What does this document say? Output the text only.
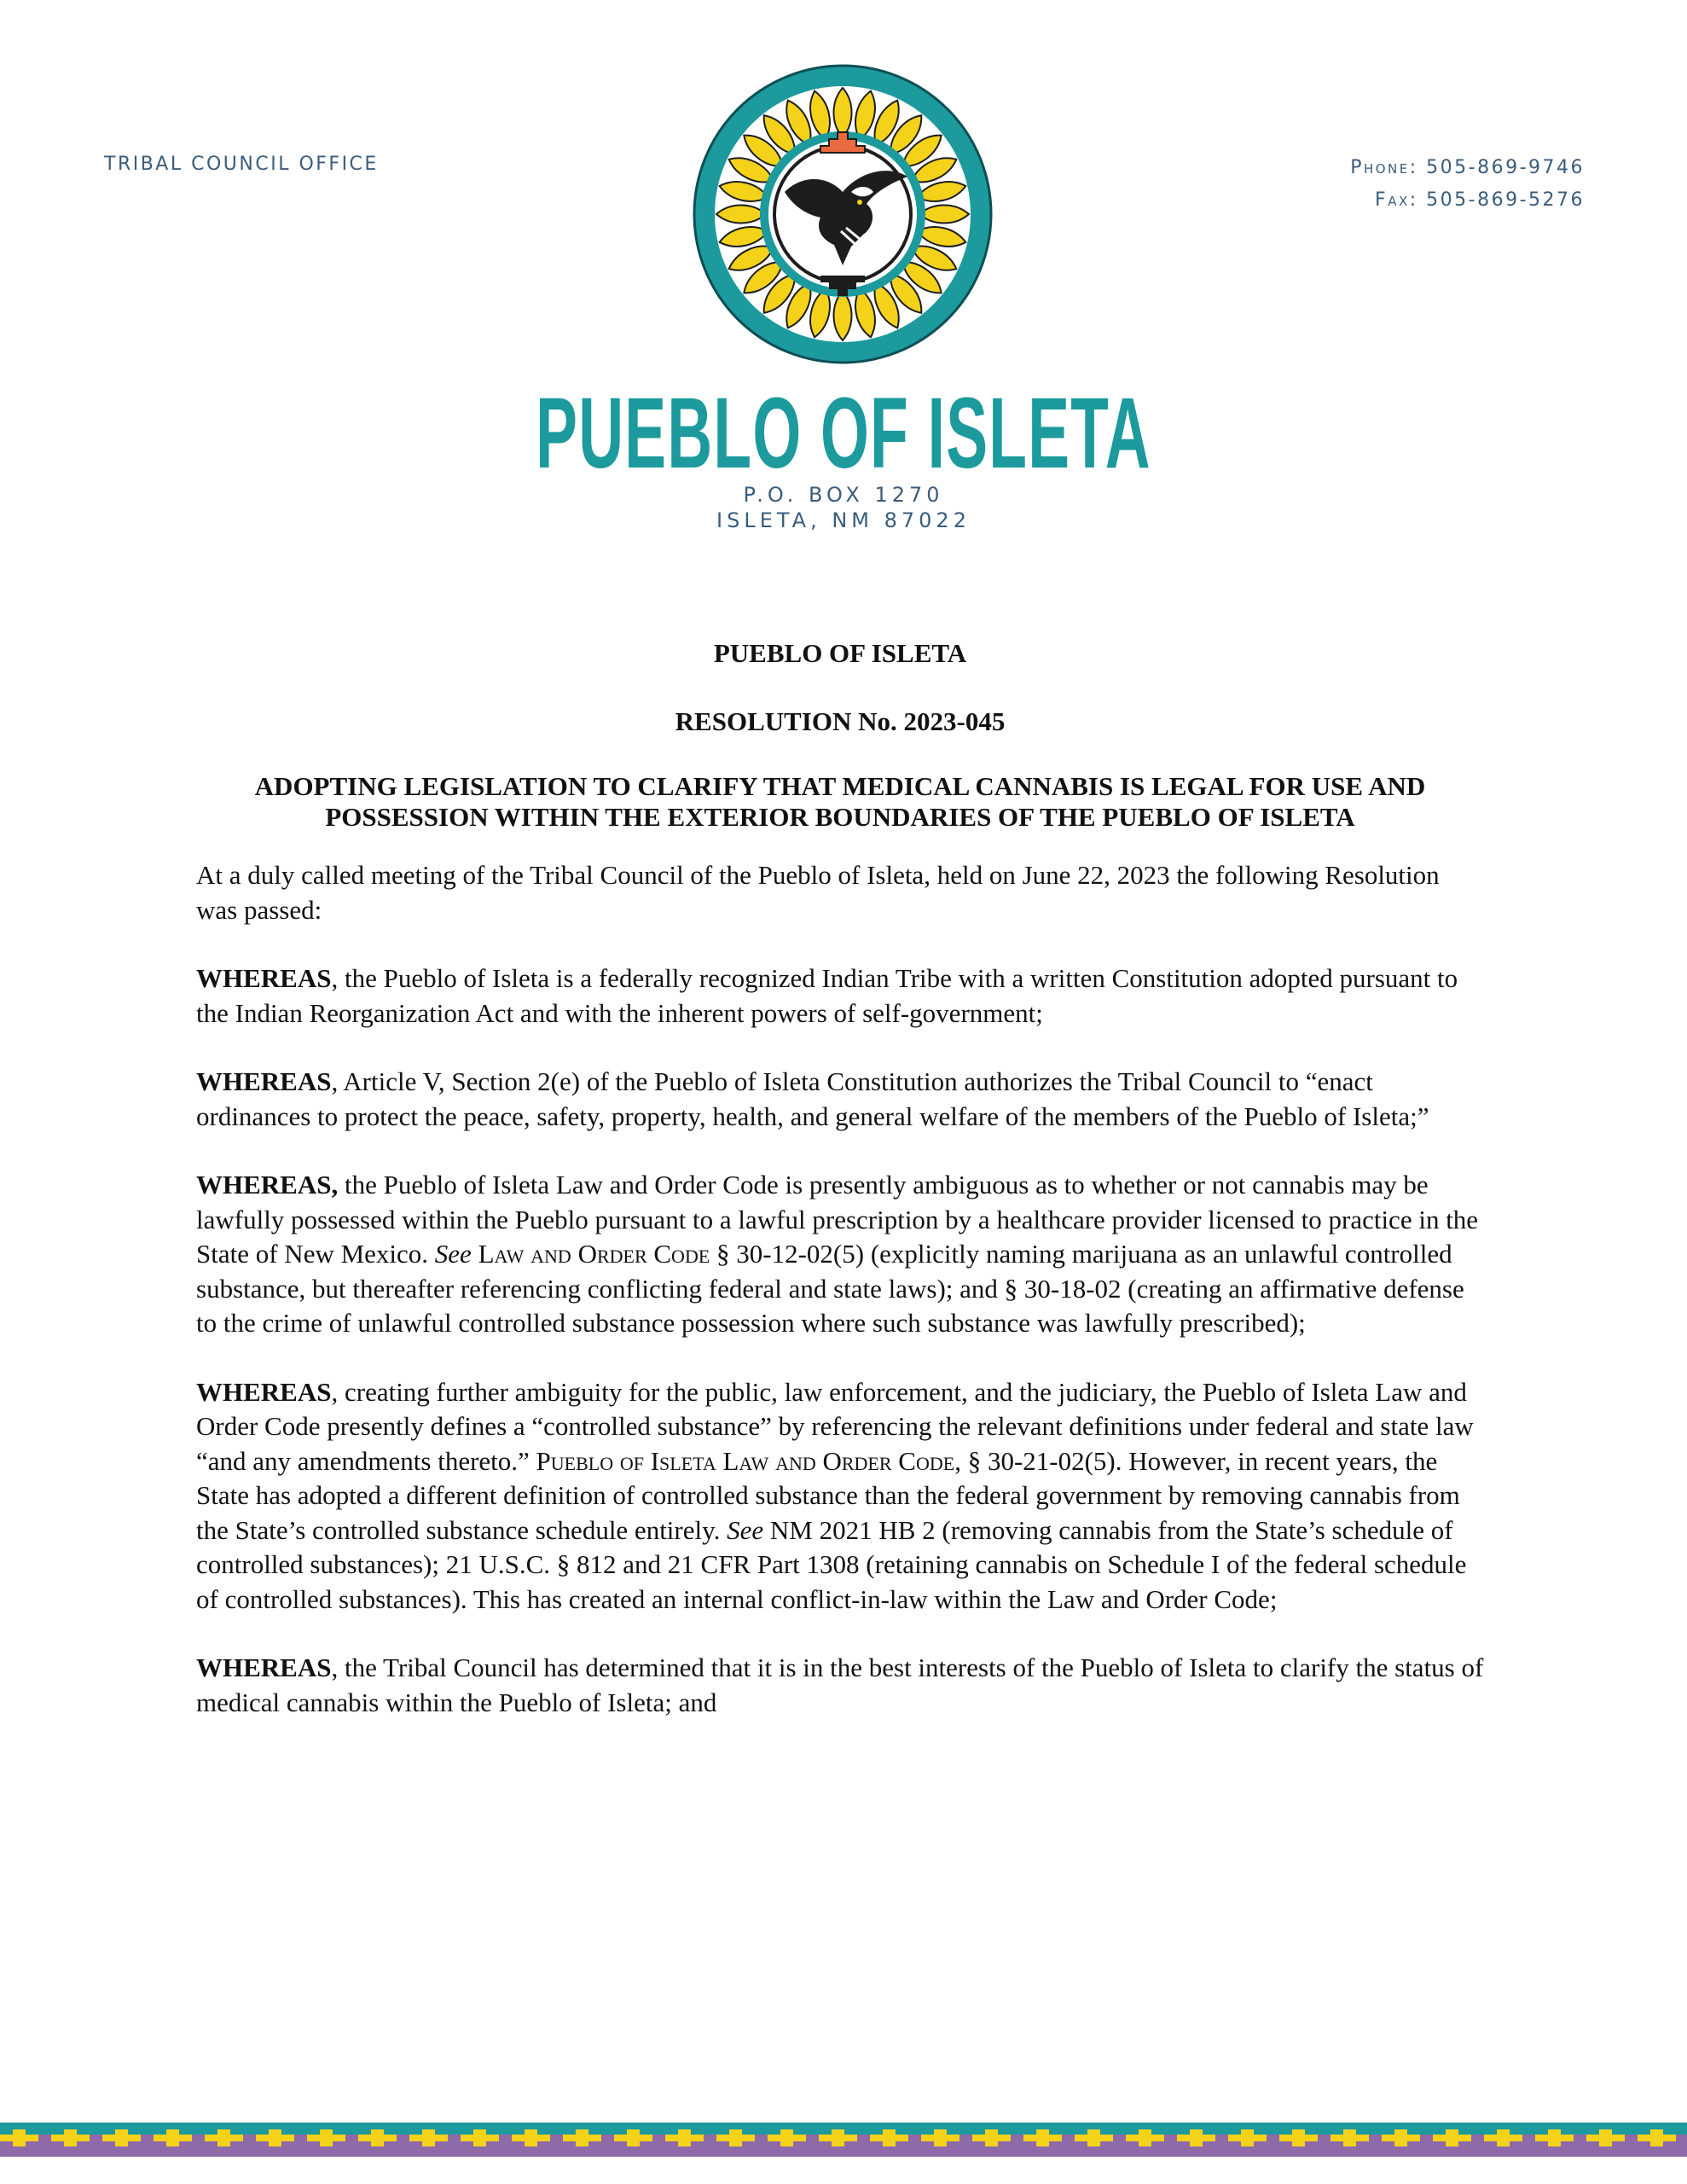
TRIBAL COUNCIL OFFICE	Phone: 505-869-9746
Fax: 505-869-5276
PUEBLO OF ISLETA
P.O. BOX 1270
ISLETA, NM 87022
PUEBLO OF ISLETA
RESOLUTION No. 2023-045
ADOPTING LEGISLATION TO CLARIFY THAT MEDICAL CANNABIS IS LEGAL FOR USE AND POSSESSION WITHIN THE EXTERIOR BOUNDARIES OF THE PUEBLO OF ISLETA

At a duly called meeting of the Tribal Council of the Pueblo of Isleta, held on June 22, 2023 the following Resolution was passed:

WHEREAS, the Pueblo of Isleta is a federally recognized Indian Tribe with a written Constitution adopted pursuant to the Indian Reorganization Act and with the inherent powers of self-government;

WHEREAS, Article V, Section 2(e) of the Pueblo of Isleta Constitution authorizes the Tribal Council to “enact ordinances to protect the peace, safety, property, health, and general welfare of the members of the Pueblo of Isleta;”

WHEREAS, the Pueblo of Isleta Law and Order Code is presently ambiguous as to whether or not cannabis may be lawfully possessed within the Pueblo pursuant to a lawful prescription by a healthcare provider licensed to practice in the State of New Mexico. See Law and Order Code § 30-12-02(5) (explicitly naming marijuana as an unlawful controlled substance, but thereafter referencing conflicting federal and state laws); and § 30-18-02 (creating an affirmative defense to the crime of unlawful controlled substance possession where such substance was lawfully prescribed);

WHEREAS, creating further ambiguity for the public, law enforcement, and the judiciary, the Pueblo of Isleta Law and Order Code presently defines a “controlled substance” by referencing the relevant definitions under federal and state law “and any amendments thereto.” Pueblo of Isleta Law and Order Code, § 30-21-02(5). However, in recent years, the State has adopted a different definition of controlled substance than the federal government by removing cannabis from the State’s controlled substance schedule entirely. See NM 2021 HB 2 (removing cannabis from the State’s schedule of controlled substances); 21 U.S.C. § 812 and 21 CFR Part 1308 (retaining cannabis on Schedule I of the federal schedule of controlled substances). This has created an internal conflict-in-law within the Law and Order Code;

WHEREAS, the Tribal Council has determined that it is in the best interests of the Pueblo of Isleta to clarify the status of medical cannabis within the Pueblo of Isleta; and
